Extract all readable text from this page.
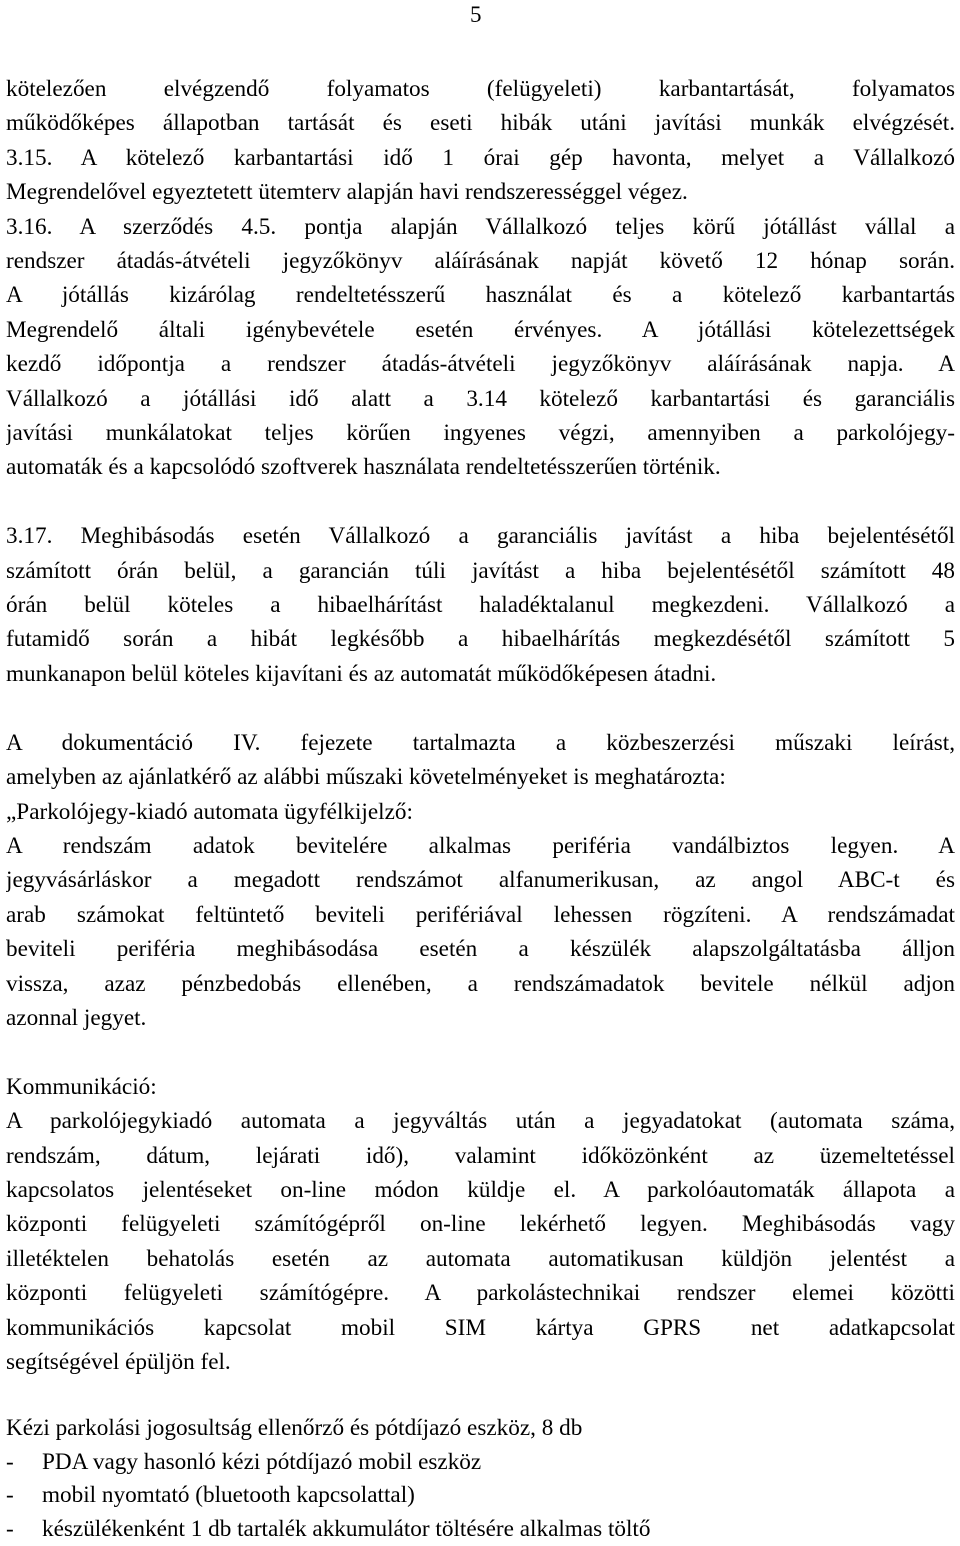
5
kötelezően elvégzendő folyamatos (felügyeleti) karbantartását, folyamatos
működőképes állapotban tartását és eseti hibák utáni javítási munkák elvégzését.
3.15. A kötelező karbantartási idő 1 órai gép havonta, melyet a Vállalkozó
Megrendelővel egyeztetett ütemterv alapján havi rendszerességgel végez.
3.16. A szerződés 4.5. pontja alapján Vállalkozó teljes körű jótállást vállal a
rendszer átadás-átvételi jegyzőkönyv aláírásának napját követő 12 hónap során.
A jótállás kizárólag rendeltetésszerű használat és a kötelező karbantartás
Megrendelő általi igénybevétele esetén érvényes. A jótállási kötelezettségek
kezdő időpontja a rendszer átadás-átvételi jegyzőkönyv aláírásának napja. A
Vállalkozó a jótállási idő alatt a 3.14 kötelező karbantartási és garanciális
javítási munkálatokat teljes körűen ingyenes végzi, amennyiben a parkolójegy-
automaták és a kapcsolódó szoftverek használata rendeltetésszerűen történik.
3.17. Meghibásodás esetén Vállalkozó a garanciális javítást a hiba bejelentésétől
számított órán belül, a garancián túli javítást a hiba bejelentésétől számított 48
órán belül köteles a hibaelhárítást haladéktalanul megkezdeni. Vállalkozó a
futamidő során a hibát legkésőbb a hibaelhárítás megkezdésétől számított 5
munkanapon belül köteles kijavítani és az automatát működőképesen átadni.
A dokumentáció IV. fejezete tartalmazta a közbeszerzési műszaki leírást,
amelyben az ajánlatkérő az alábbi műszaki követelményeket is meghatározta:
„Parkolójegy-kiadó automata ügyfélkijelző:
A rendszám adatok bevitelére alkalmas periféria vandálbiztos legyen. A
jegyvásárláskor a megadott rendszámot alfanumerikusan, az angol ABC-t és
arab számokat feltüntető beviteli perifériával lehessen rögzíteni. A rendszámadat
beviteli periféria meghibásodása esetén a készülék alapszolgáltatásba álljon
vissza, azaz pénzbedobás ellenében, a rendszámadatok bevitele nélkül adjon
azonnal jegyet.
Kommunikáció:
A parkolójegykiadó automata a jegyváltás után a jegyadatokat (automata száma,
rendszám, dátum, lejárati idő), valamint időközönként az üzemeltetéssel
kapcsolatos jelentéseket on-line módon küldje el. A parkolóautomaták állapota a
központi felügyeleti számítógépről on-line lekérhető legyen. Meghibásodás vagy
illetéktelen behatolás esetén az automata automatikusan küldjön jelentést a
központi felügyeleti számítógépre. A parkolástechnikai rendszer elemei közötti
kommunikációs kapcsolat mobil SIM kártya GPRS net adatkapcsolat
segítségével épüljön fel.
Kézi parkolási jogosultság ellenőrző és pótdíjazó eszköz, 8 db
- PDA vagy hasonló kézi pótdíjazó mobil eszköz
- mobil nyomtató (bluetooth kapcsolattal)
- készülékenként 1 db tartalék akkumulátor töltésére alkalmas töltő
